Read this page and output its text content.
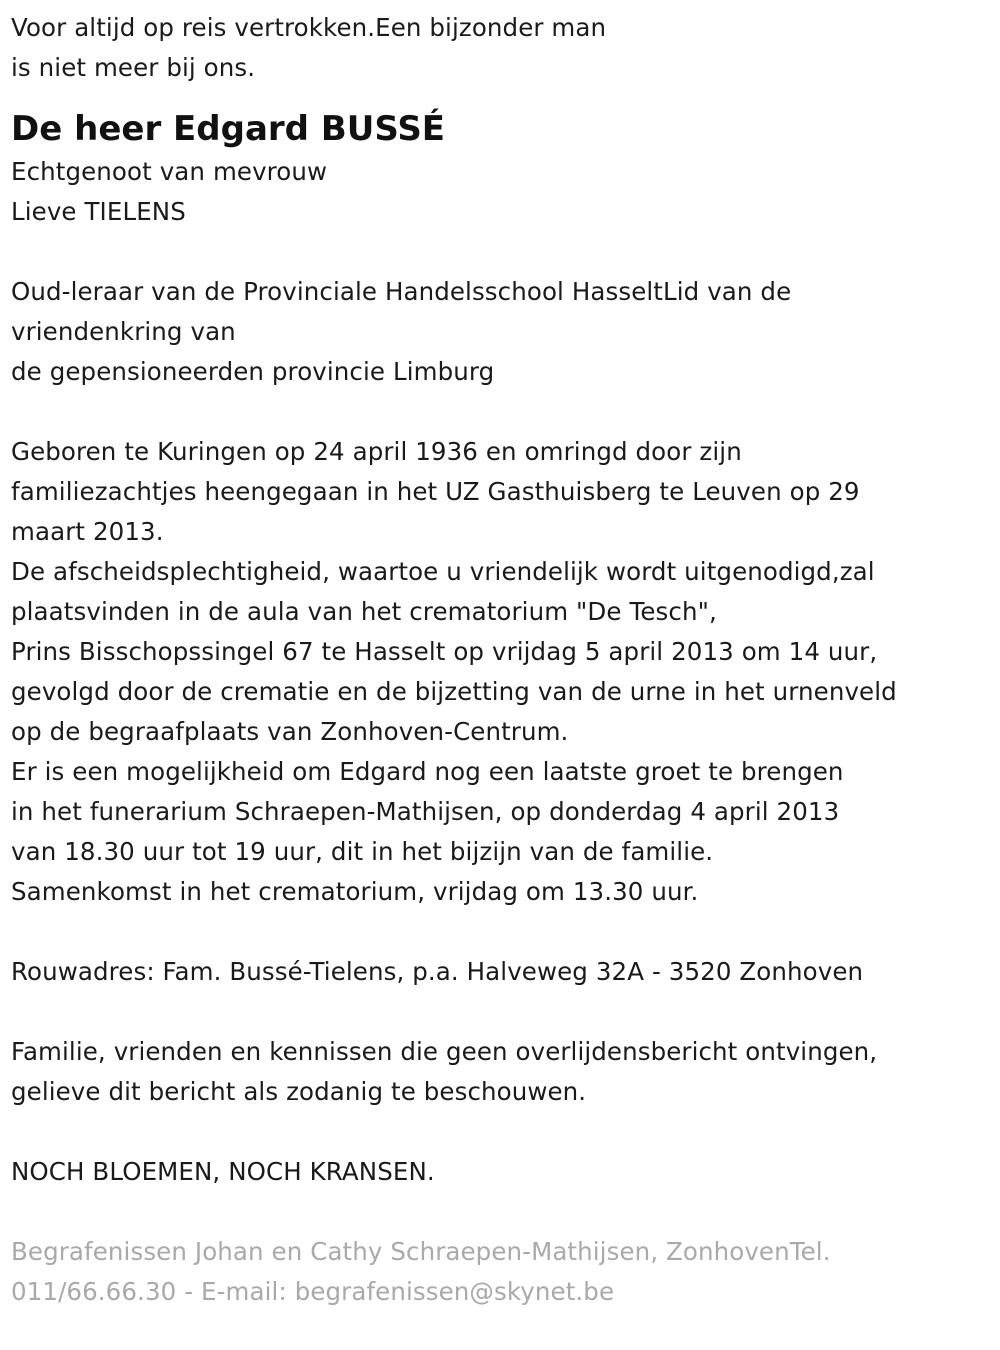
Voor altijd op reis vertrokken.Een bijzonder man
is niet meer bij ons.
De heer Edgard BUSSÉ
Echtgenoot van mevrouw
Lieve TIELENS
Oud-leraar van de Provinciale Handelsschool HasseltLid van de
vriendenkring van
de gepensioneerden provincie Limburg
Geboren te Kuringen op 24 april 1936 en omringd door zijn
familiezachtjes heengegaan in het UZ Gasthuisberg te Leuven op 29
maart 2013.
De afscheidsplechtigheid, waartoe u vriendelijk wordt uitgenodigd,zal
plaatsvinden in de aula van het crematorium "De Tesch",
Prins Bisschopssingel 67 te Hasselt op vrijdag 5 april 2013 om 14 uur,
gevolgd door de crematie en de bijzetting van de urne in het urnenveld
op de begraafplaats van Zonhoven-Centrum.
Er is een mogelijkheid om Edgard nog een laatste groet te brengen
in het funerarium Schraepen-Mathijsen, op donderdag 4 april 2013
van 18.30 uur tot 19 uur, dit in het bijzijn van de familie.
Samenkomst in het crematorium, vrijdag om 13.30 uur.
Rouwadres: Fam. Bussé-Tielens, p.a. Halveweg 32A - 3520 Zonhoven
Familie, vrienden en kennissen die geen overlijdensbericht ontvingen,
gelieve dit bericht als zodanig te beschouwen.
NOCH BLOEMEN, NOCH KRANSEN.
Begrafenissen Johan en Cathy Schraepen-Mathijsen, ZonhovenTel.
011/66.66.30 - E-mail: begrafenissen@skynet.be
